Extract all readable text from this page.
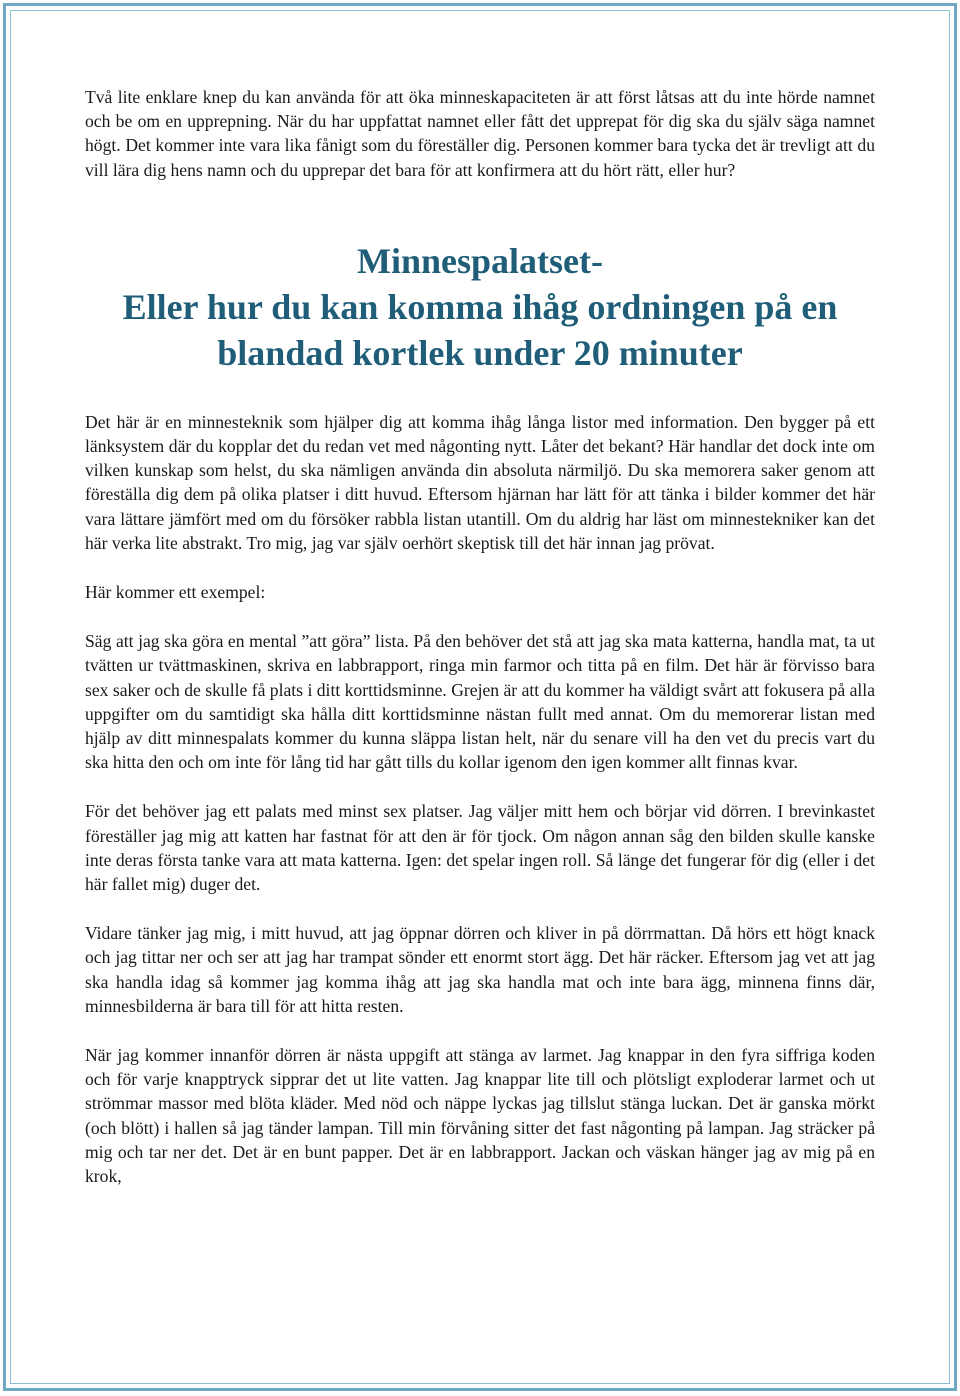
Två lite enklare knep du kan använda för att öka minneskapaciteten är att först låtsas att du inte hörde namnet och be om en upprepning. När du har uppfattat namnet eller fått det upprepat för dig ska du själv säga namnet högt. Det kommer inte vara lika fånigt som du föreställer dig. Personen kommer bara tycka det är trevligt att du vill lära dig hens namn och du upprepar det bara för att konfirmera att du hört rätt, eller hur?

Minnespalatset-
Eller hur du kan komma ihåg ordningen på en
blandad kortlek under 20 minuter

Det här är en minnesteknik som hjälper dig att komma ihåg långa listor med information. Den bygger på ett länksystem där du kopplar det du redan vet med någonting nytt. Låter det bekant? Här handlar det dock inte om vilken kunskap som helst, du ska nämligen använda din absoluta närmiljö. Du ska memorera saker genom att föreställa dig dem på olika platser i ditt huvud. Eftersom hjärnan har lätt för att tänka i bilder kommer det här vara lättare jämfört med om du försöker rabbla listan utantill. Om du aldrig har läst om minnestekniker kan det här verka lite abstrakt. Tro mig, jag var själv oerhört skeptisk till det här innan jag prövat.

Här kommer ett exempel:

Säg att jag ska göra en mental ”att göra” lista. På den behöver det stå att jag ska mata katterna, handla mat, ta ut tvätten ur tvättmaskinen, skriva en labbrapport, ringa min farmor och titta på en film. Det här är förvisso bara sex saker och de skulle få plats i ditt korttidsminne. Grejen är att du kommer ha väldigt svårt att fokusera på alla uppgifter om du samtidigt ska hålla ditt korttidsminne nästan fullt med annat. Om du memorerar listan med hjälp av ditt minnespalats kommer du kunna släppa listan helt, när du senare vill ha den vet du precis vart du ska hitta den och om inte för lång tid har gått tills du kollar igenom den igen kommer allt finnas kvar.

För det behöver jag ett palats med minst sex platser. Jag väljer mitt hem och börjar vid dörren. I brevinkastet föreställer jag mig att katten har fastnat för att den är för tjock. Om någon annan såg den bilden skulle kanske inte deras första tanke vara att mata katterna. Igen: det spelar ingen roll. Så länge det fungerar för dig (eller i det här fallet mig) duger det.

Vidare tänker jag mig, i mitt huvud, att jag öppnar dörren och kliver in på dörrmattan. Då hörs ett högt knack och jag tittar ner och ser att jag har trampat sönder ett enormt stort ägg. Det här räcker. Eftersom jag vet att jag ska handla idag så kommer jag komma ihåg att jag ska handla mat och inte bara ägg, minnena finns där, minnesbilderna är bara till för att hitta resten.

När jag kommer innanför dörren är nästa uppgift att stänga av larmet. Jag knappar in den fyra siffriga koden och för varje knapptryck sipprar det ut lite vatten. Jag knappar lite till och plötsligt exploderar larmet och ut strömmar massor med blöta kläder. Med nöd och näppe lyckas jag tillslut stänga luckan. Det är ganska mörkt (och blött) i hallen så jag tänder lampan. Till min förvåning sitter det fast någonting på lampan. Jag sträcker på mig och tar ner det. Det är en bunt papper. Det är en labbrapport. Jackan och väskan hänger jag av mig på en krok,
